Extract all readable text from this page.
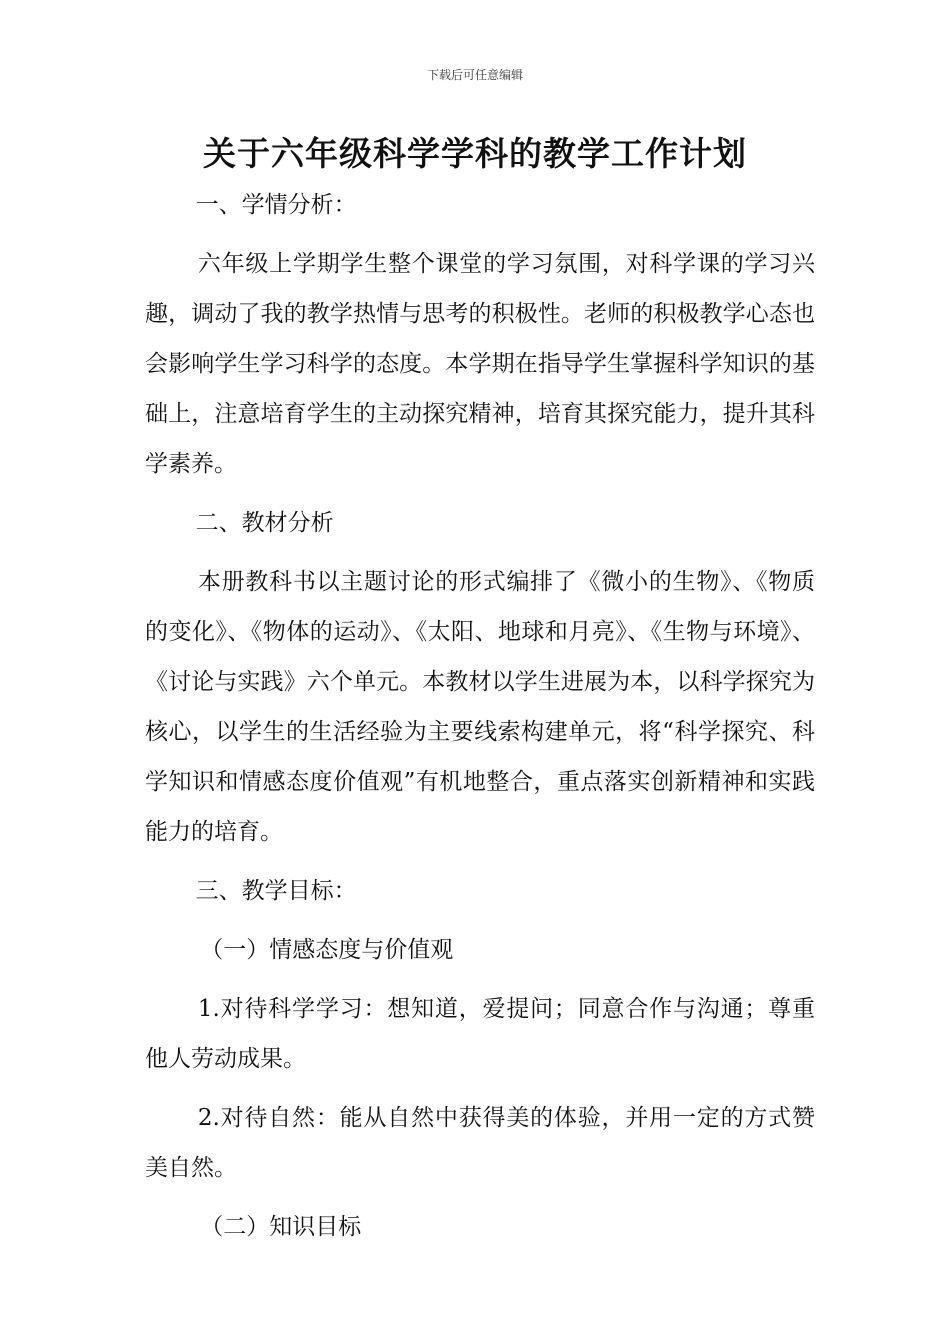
下载后可任意编辑
关于六年级科学学科的教学工作计划

一、学情分析：

六年级上学期学生整个课堂的学习氛围，对科学课的学习兴趣，调动了我的教学热情与思考的积极性。老师的积极教学心态也会影响学生学习科学的态度。本学期在指导学生掌握科学知识的基础上，注意培育学生的主动探究精神，培育其探究能力，提升其科学素养。

二、教材分析

本册教科书以主题讨论的形式编排了《微小的生物》、《物质的变化》、《物体的运动》、《太阳、地球和月亮》、《生物与环境》、《讨论与实践》六个单元。本教材以学生进展为本，以科学探究为核心，以学生的生活经验为主要线索构建单元，将“科学探究、科学知识和情感态度价值观”有机地整合，重点落实创新精神和实践能力的培育。

三、教学目标：

（一）情感态度与价值观

1.对待科学学习：想知道，爱提问；同意合作与沟通；尊重他人劳动成果。

2.对待自然：能从自然中获得美的体验，并用一定的方式赞美自然。

（二）知识目标
